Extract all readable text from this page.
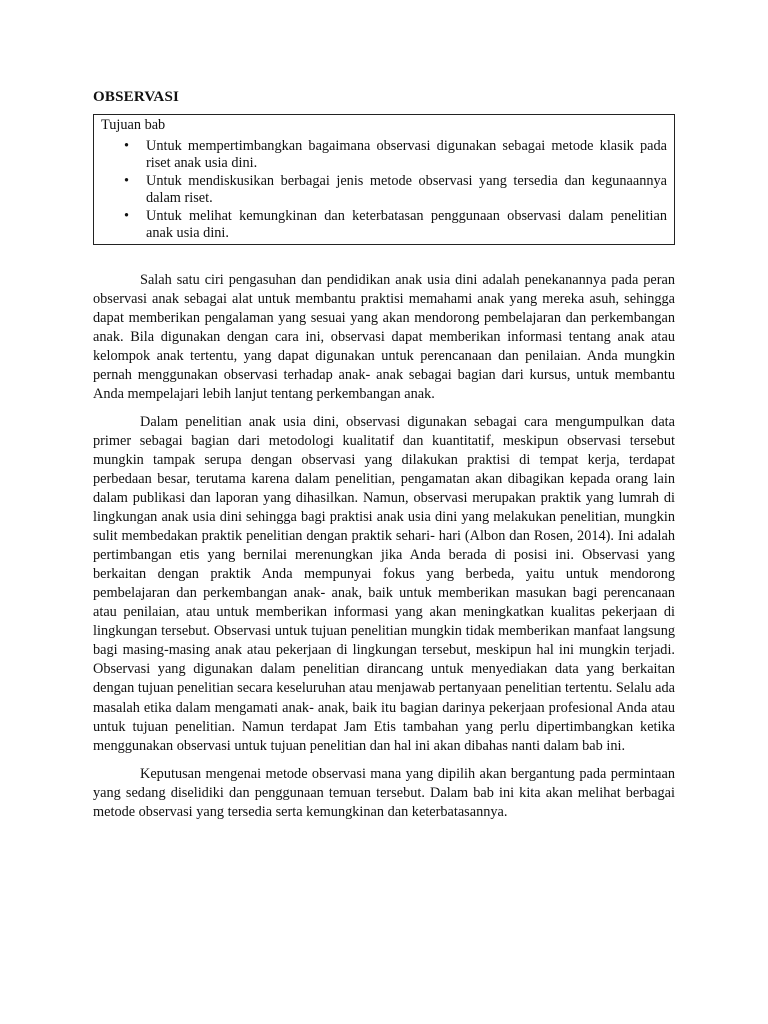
OBSERVASI
Tujuan bab
• Untuk mempertimbangkan bagaimana observasi digunakan sebagai metode klasik pada riset anak usia dini.
• Untuk mendiskusikan berbagai jenis metode observasi yang tersedia dan kegunaannya dalam riset.
• Untuk melihat kemungkinan dan keterbatasan penggunaan observasi dalam penelitian anak usia dini.

Salah satu ciri pengasuhan dan pendidikan anak usia dini adalah penekanannya pada peran observasi anak sebagai alat untuk membantu praktisi memahami anak yang mereka asuh, sehingga dapat memberikan pengalaman yang sesuai yang akan mendorong pembelajaran dan perkembangan anak. Bila digunakan dengan cara ini, observasi dapat memberikan informasi tentang anak atau kelompok anak tertentu, yang dapat digunakan untuk perencanaan dan penilaian. Anda mungkin pernah menggunakan observasi terhadap anak- anak sebagai bagian dari kursus, untuk membantu Anda mempelajari lebih lanjut tentang perkembangan anak.

Dalam penelitian anak usia dini, observasi digunakan sebagai cara mengumpulkan data primer sebagai bagian dari metodologi kualitatif dan kuantitatif, meskipun observasi tersebut mungkin tampak serupa dengan observasi yang dilakukan praktisi di tempat kerja, terdapat perbedaan besar, terutama karena dalam penelitian, pengamatan akan dibagikan kepada orang lain dalam publikasi dan laporan yang dihasilkan. Namun, observasi merupakan praktik yang lumrah di lingkungan anak usia dini sehingga bagi praktisi anak usia dini yang melakukan penelitian, mungkin sulit membedakan praktik penelitian dengan praktik sehari- hari (Albon dan Rosen, 2014). Ini adalah pertimbangan etis yang bernilai merenungkan jika Anda berada di posisi ini. Observasi yang berkaitan dengan praktik Anda mempunyai fokus yang berbeda, yaitu untuk mendorong pembelajaran dan perkembangan anak- anak, baik untuk memberikan masukan bagi perencanaan atau penilaian, atau untuk memberikan informasi yang akan meningkatkan kualitas pekerjaan di lingkungan tersebut. Observasi untuk tujuan penelitian mungkin tidak memberikan manfaat langsung bagi masing-masing anak atau pekerjaan di lingkungan tersebut, meskipun hal ini mungkin terjadi. Observasi yang digunakan dalam penelitian dirancang untuk menyediakan data yang berkaitan dengan tujuan penelitian secara keseluruhan atau menjawab pertanyaan penelitian tertentu. Selalu ada masalah etika dalam mengamati anak- anak, baik itu bagian darinya pekerjaan profesional Anda atau untuk tujuan penelitian. Namun terdapat Jam Etis tambahan yang perlu dipertimbangkan ketika menggunakan observasi untuk tujuan penelitian dan hal ini akan dibahas nanti dalam bab ini.

Keputusan mengenai metode observasi mana yang dipilih akan bergantung pada permintaan yang sedang diselidiki dan penggunaan temuan tersebut. Dalam bab ini kita akan melihat berbagai metode observasi yang tersedia serta kemungkinan dan keterbatasannya.
